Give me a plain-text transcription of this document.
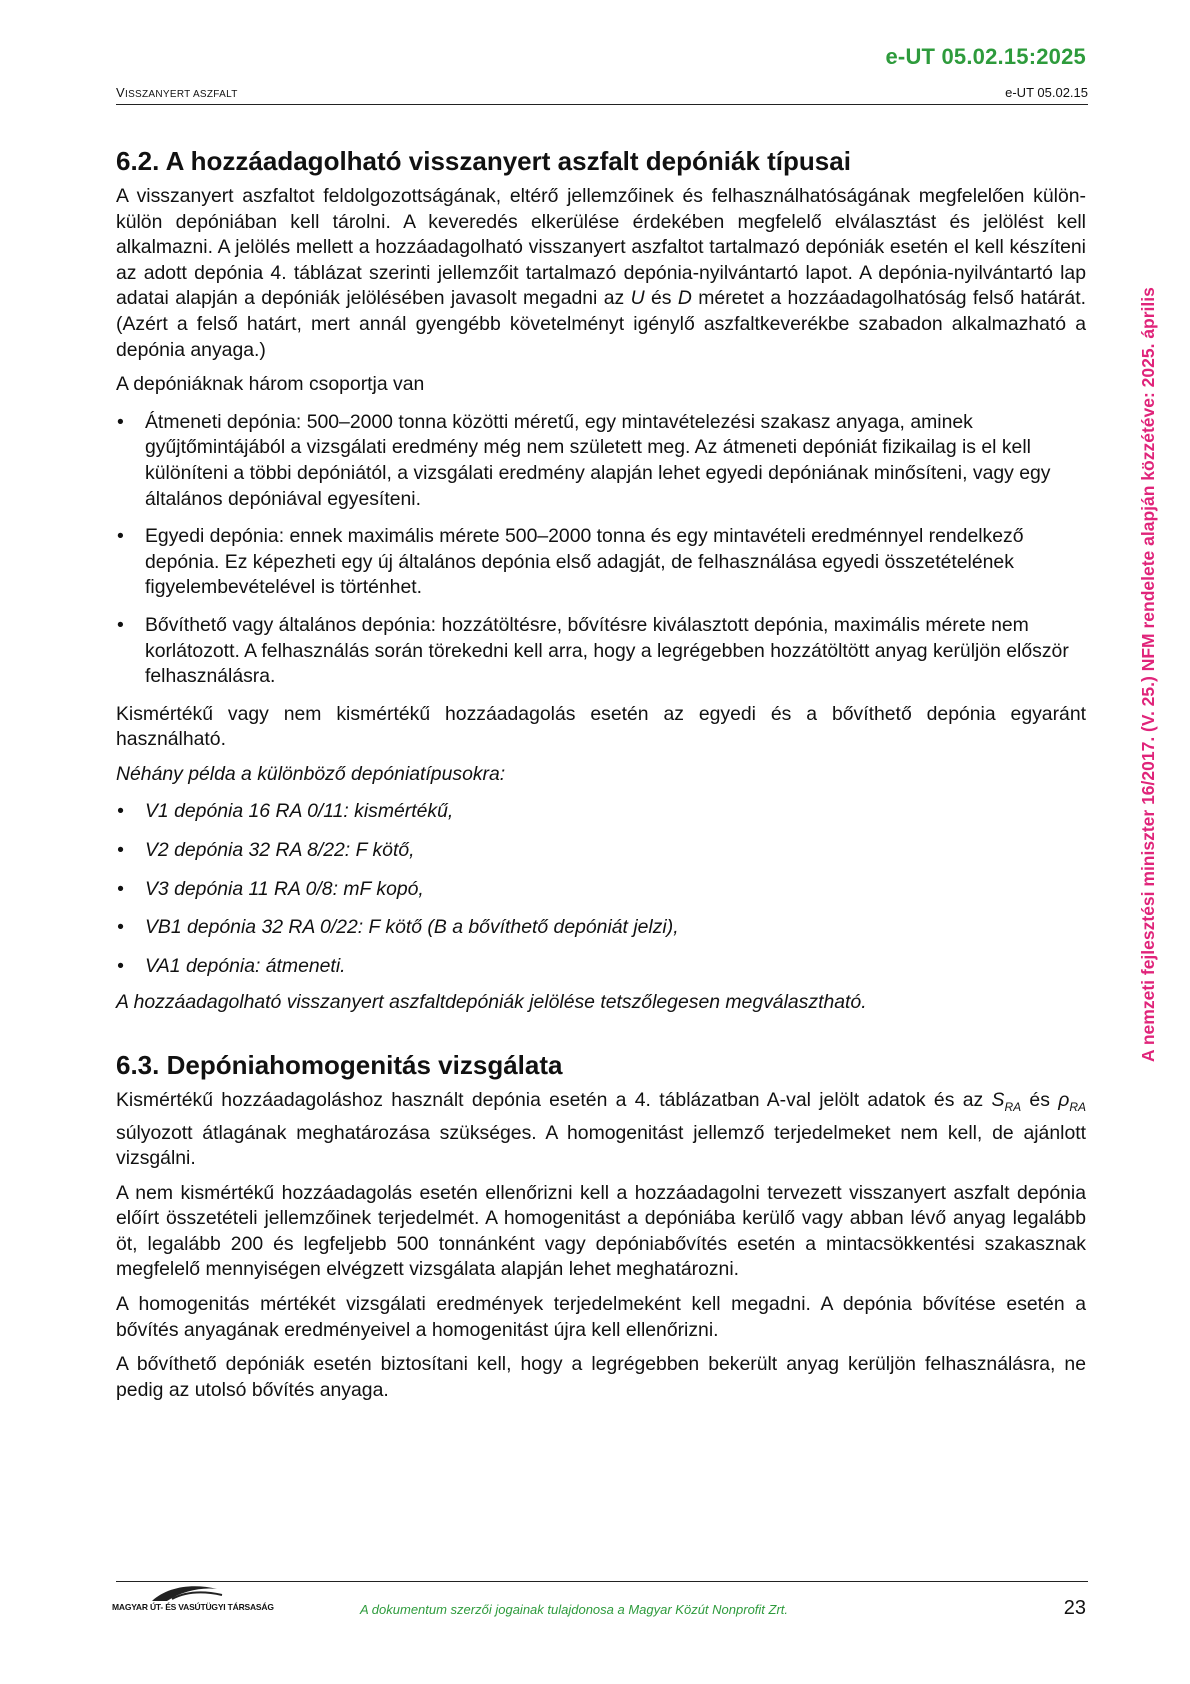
e-UT 05.02.15:2025
VISSZANYERT ASZFALT	e-UT 05.02.15
A nemzeti fejlesztési miniszter 16/2017. (V. 25.) NFM rendelete alapján közzétéve: 2025. április
6.2. A hozzáadagolható visszanyert aszfalt depóniák típusai

A visszanyert aszfaltot feldolgozottságának, eltérő jellemzőinek és felhasználhatóságának megfelelően külön-külön depóniában kell tárolni. A keveredés elkerülése érdekében megfelelő elválasztást és jelölést kell alkalmazni. A jelölés mellett a hozzáadagolható visszanyert aszfaltot tartalmazó depóniák esetén el kell készíteni az adott depónia 4. táblázat szerinti jellemzőit tartalmazó depónia-nyilvántartó lapot. A depónia-nyilvántartó lap adatai alapján a depóniák jelölésében javasolt megadni az U és D méretet a hozzáadagolhatóság felső határát. (Azért a felső határt, mert annál gyengébb követelményt igénylő aszfaltkeverékbe szabadon alkalmazható a depónia anyaga.)

A depóniáknak három csoportja van

• Átmeneti depónia: 500–2000 tonna közötti méretű, egy mintavételezési szakasz anyaga, aminek gyűjtőmintájából a vizsgálati eredmény még nem született meg. Az átmeneti depóniát fizikailag is el kell különíteni a többi depóniától, a vizsgálati eredmény alapján lehet egyedi depóniának minősíteni, vagy egy általános depóniával egyesíteni.
• Egyedi depónia: ennek maximális mérete 500–2000 tonna és egy mintavételi eredménnyel rendelkező depónia. Ez képezheti egy új általános depónia első adagját, de felhasználása egyedi összetételének figyelembevételével is történhet.
• Bővíthető vagy általános depónia: hozzátöltésre, bővítésre kiválasztott depónia, maximális mérete nem korlátozott. A felhasználás során törekedni kell arra, hogy a legrégebben hozzátöltött anyag kerüljön először felhasználásra.

Kismértékű vagy nem kismértékű hozzáadagolás esetén az egyedi és a bővíthető depónia egyaránt használható.

Néhány példa a különböző depóniatípusokra:

• V1 depónia 16 RA 0/11: kismértékű,
• V2 depónia 32 RA 8/22: F kötő,
• V3 depónia 11 RA 0/8: mF kopó,
• VB1 depónia 32 RA 0/22: F kötő (B a bővíthető depóniát jelzi),
• VA1 depónia: átmeneti.

A hozzáadagolható visszanyert aszfaltdepóniák jelölése tetszőlegesen megválasztható.

6.3. Depóniahomogenitás vizsgálata

Kismértékű hozzáadagoláshoz használt depónia esetén a 4. táblázatban A-val jelölt adatok és az $S_{RA}$ és $\rho_{RA}$ súlyozott átlagának meghatározása szükséges. A homogenitást jellemző terjedelmeket nem kell, de ajánlott vizsgálni.

A nem kismértékű hozzáadagolás esetén ellenőrizni kell a hozzáadagolni tervezett visszanyert aszfalt depónia előírt összetételi jellemzőinek terjedelmét. A homogenitást a depóniába kerülő vagy abban lévő anyag legalább öt, legalább 200 és legfeljebb 500 tonnánként vagy depóniabővítés esetén a mintacsökkentési szakasznak megfelelő mennyiségen elvégzett vizsgálata alapján lehet meghatározni.

A homogenitás mértékét vizsgálati eredmények terjedelmeként kell megadni. A depónia bővítése esetén a bővítés anyagának eredményeivel a homogenitást újra kell ellenőrizni.

A bővíthető depóniák esetén biztosítani kell, hogy a legrégebben bekerült anyag kerüljön felhasználásra, ne pedig az utolsó bővítés anyaga.

MAGYAR ÚT- ÉS VASÚTÜGYI TÁRSASÁG	A dokumentum szerzői jogainak tulajdonosa a Magyar Közút Nonprofit Zrt.	23
